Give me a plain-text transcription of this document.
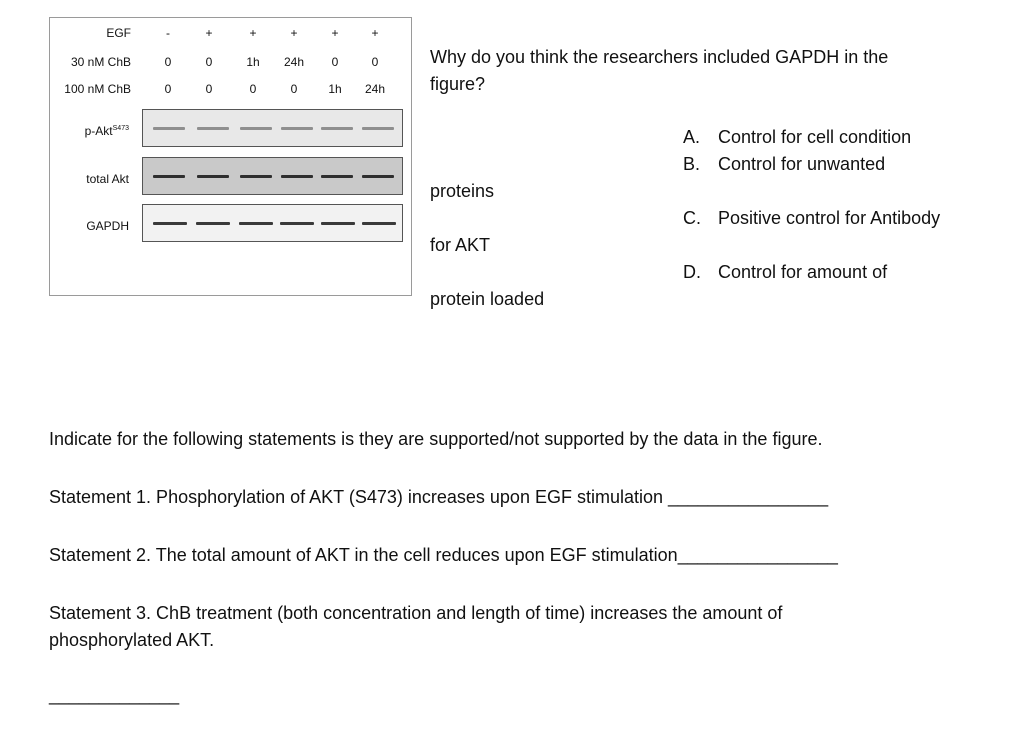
EGF	-	+	+	+	+	+
30 nM ChB	0	0	1h	24h	0	0
100 nM ChB	0	0	0	0	1h	24h
p-Akt$^{S473}$
total Akt
GAPDH
Why do you think the researchers included GAPDH in the
figure?
proteins
for AKT
protein loaded
A. Control for cell condition
B. Control for unwanted
C. Positive control for Antibody
D. Control for amount of
Indicate for the following statements is they are supported/not supported by the data in the figure.
Statement 1. Phosphorylation of AKT (S473) increases upon EGF stimulation ________________
Statement 2. The total amount of AKT in the cell reduces upon EGF stimulation________________
Statement 3. ChB treatment (both concentration and length of time) increases the amount of
phosphorylated AKT.
_____________
